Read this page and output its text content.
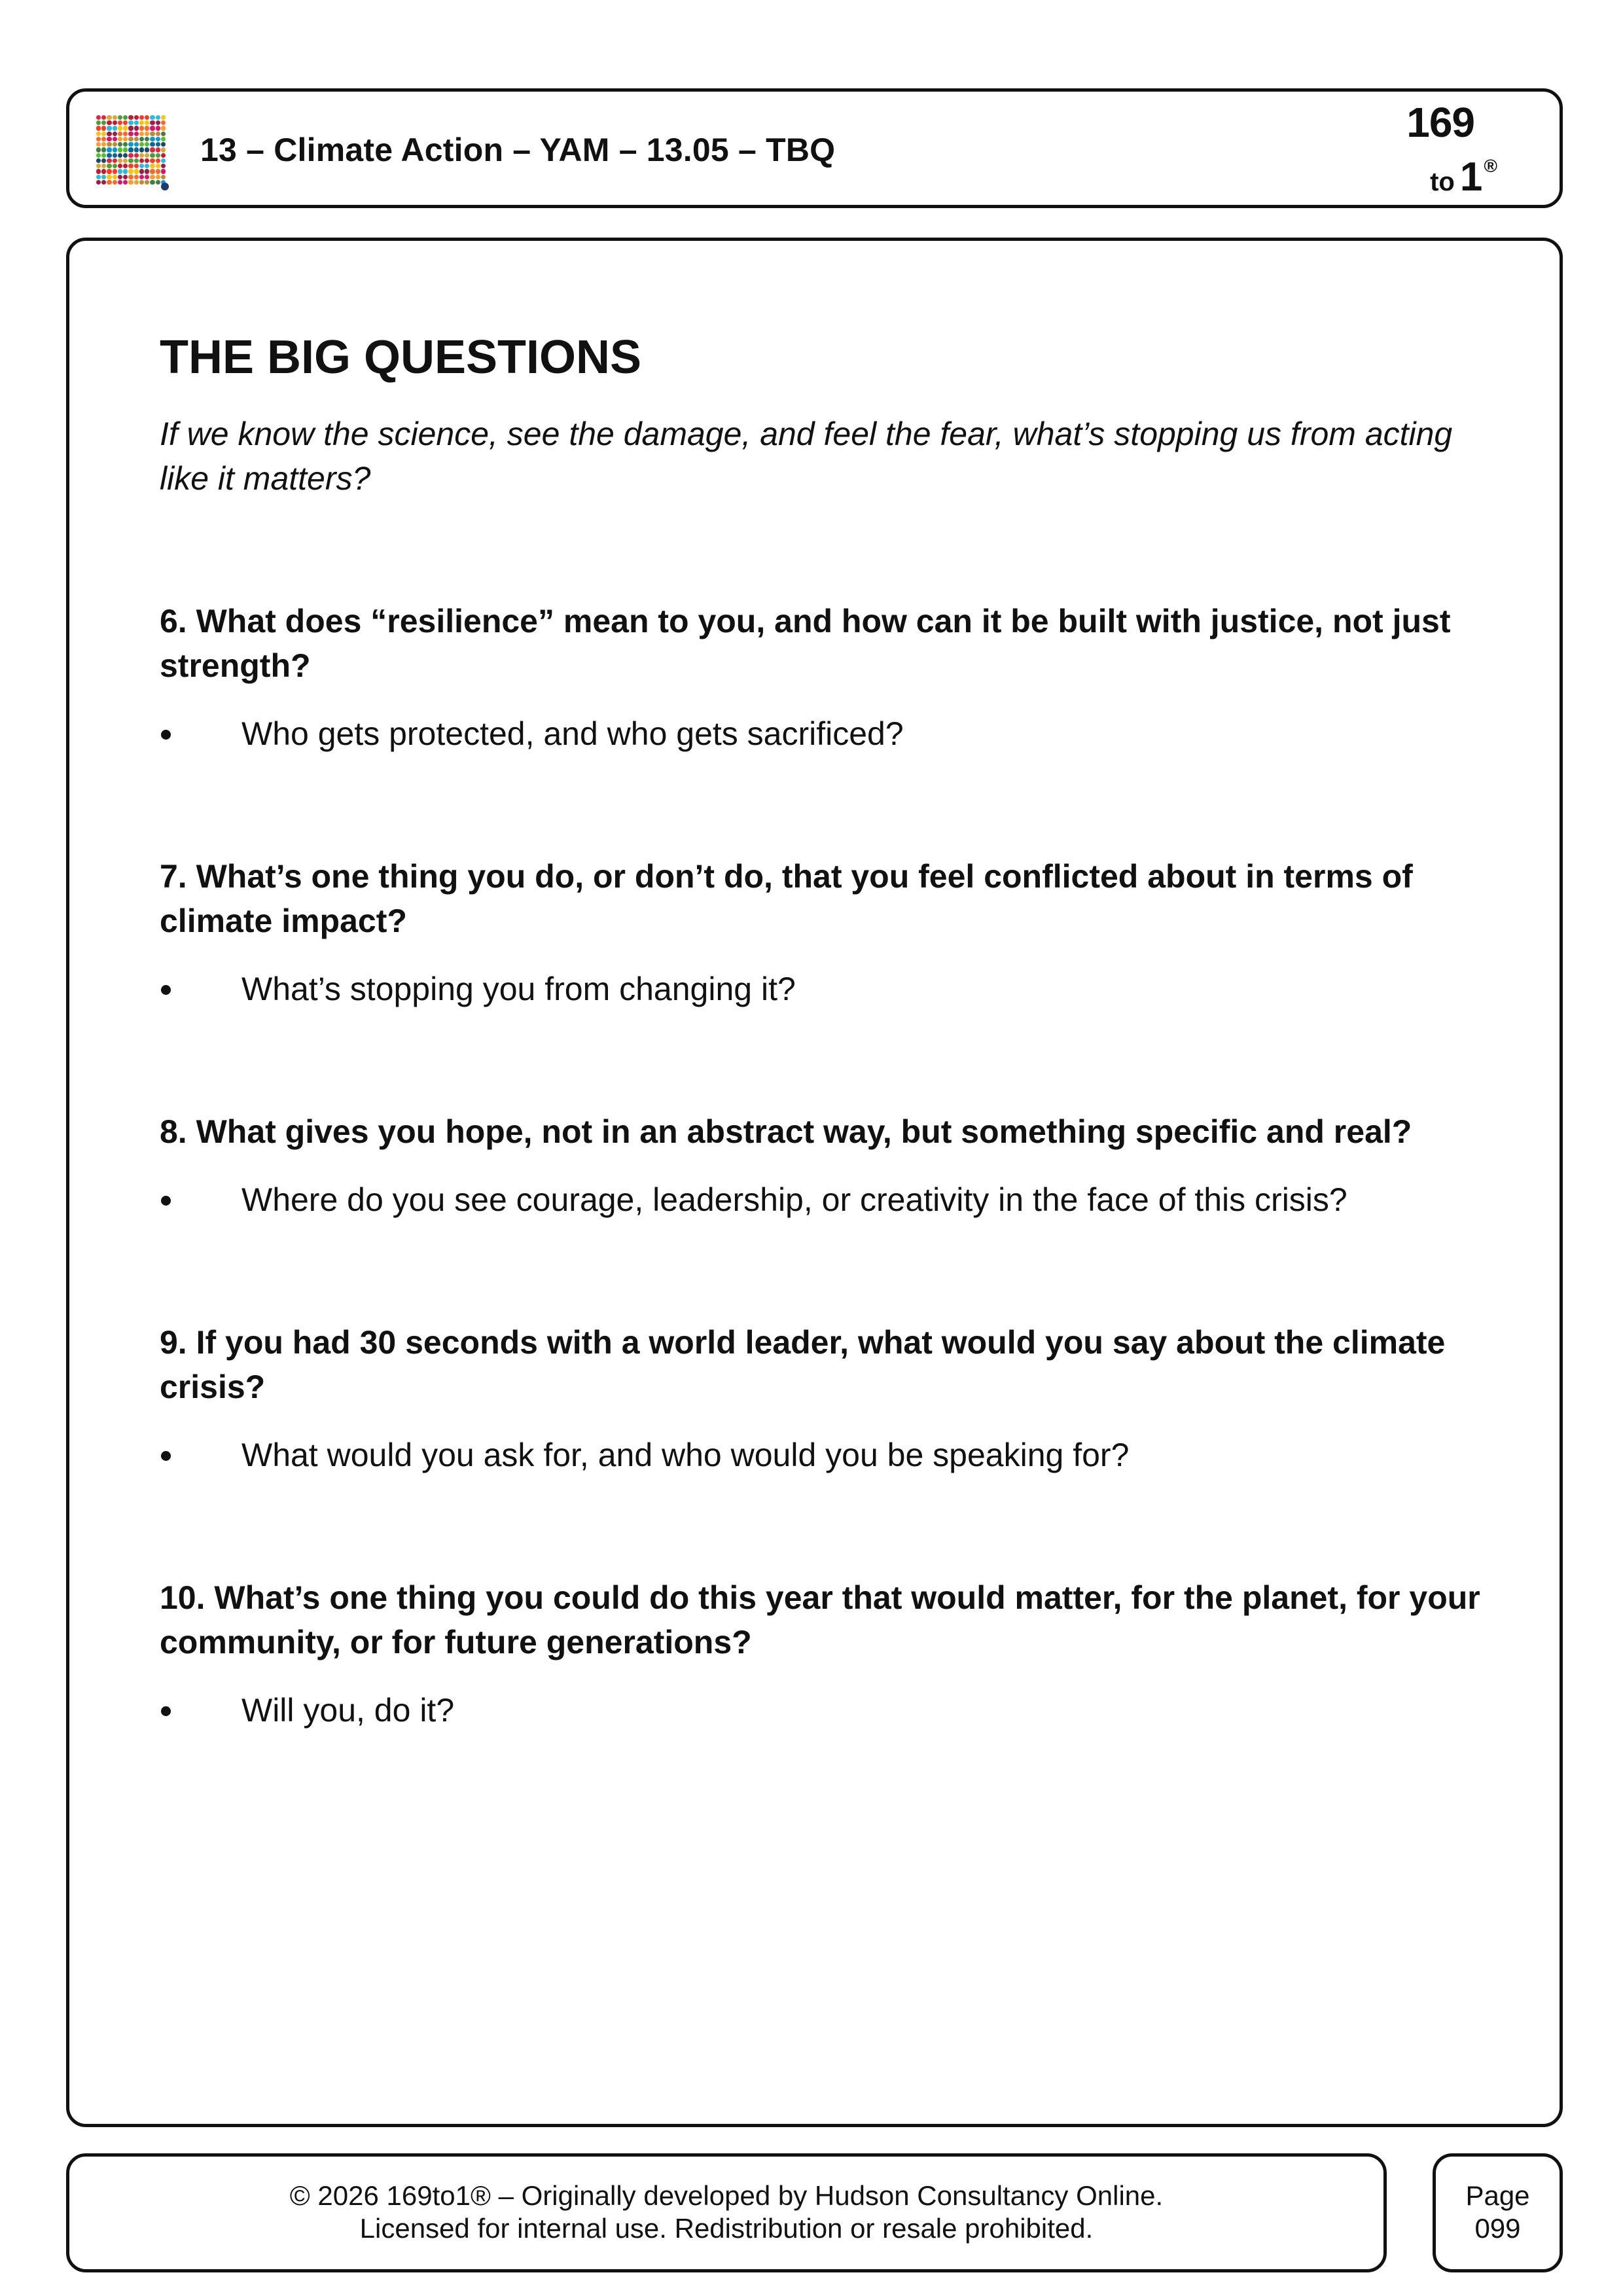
13 – Climate Action – YAM – 13.05 – TBQ
169
to 1®
THE BIG QUESTIONS

If we know the science, see the damage, and feel the fear, what’s stopping us from acting like it matters?

6. What does “resilience” mean to you, and how can it be built with justice, not just strength?

Who gets protected, and who gets sacrificed?

7. What’s one thing you do, or don’t do, that you feel conflicted about in terms of climate impact?

What’s stopping you from changing it?

8. What gives you hope, not in an abstract way, but something specific and real?

Where do you see courage, leadership, or creativity in the face of this crisis?

9. If you had 30 seconds with a world leader, what would you say about the climate crisis?

What would you ask for, and who would you be speaking for?

10. What’s one thing you could do this year that would matter, for the planet, for your community, or for future generations?

Will you, do it?
© 2026 169to1® – Originally developed by Hudson Consultancy Online.
Licensed for internal use. Redistribution or resale prohibited.
Page
099
